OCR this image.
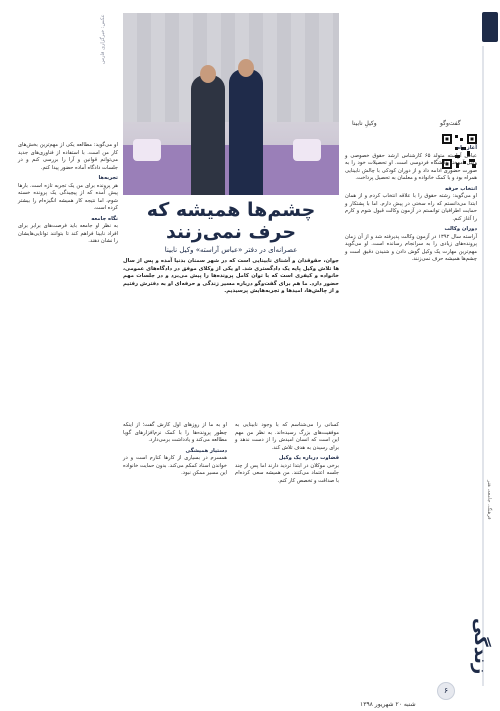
عکس: خبرگزاری فارس
چشم‌ها همیشه که
حرف نمی‌زنند
عصرانه‌ای در دفتر «عباس آراسته» وکیل نابینا
جوان، حقوقدان و آشنای نابینایی است که در شهر سمنان بدنیا آمده و پس از سال ها تلاش وکیل پایه یک دادگستری شد. او یکی از وکلای موفق در دادگاه‌های عمومی، خانواده و کیفری است که با توان کامل پرونده‌ها را پیش می‌برد و در جلسات مهم حضور دارد. ما هم برای گفت‌وگو درباره مسیر زندگی و حرفه‌ای او به دفترش رفتیم و از چالش‌ها، امیدها و تجربه‌هایش پرسیدیم.
وکیلِ نابینا	گفت‌وگو
آغاز راه
عباس آراسته متولد ۶۵ کارشناس ارشد حقوق خصوصی و وکیل آموخته دانشگاه فردوسی است. او تحصیلات خود را به صورت حضوری ادامه داد و از دوران کودکی با چالش نابینایی همراه بود و با کمک خانواده و معلمان به تحصیل پرداخت.
انتخاب حرفه
او می‌گوید: رشته حقوق را با علاقه انتخاب کردم و از همان ابتدا می‌دانستم که راه سختی در پیش دارم. اما با پشتکار و حمایت اطرافیان توانستم در آزمون وکالت قبول شوم و کارم را آغاز کنم.
دوران وکالت
آراسته سال ۱۳۹۲ در آزمون وکالت پذیرفته شد و از آن زمان پرونده‌های زیادی را به سرانجام رسانده است. او می‌گوید مهم‌ترین مهارت یک وکیل گوش دادن و شنیدن دقیق است و چشم‌ها همیشه حرف نمی‌زنند.
کسانی را می‌شناسم که با وجود نابینایی به موفقیت‌های بزرگ رسیده‌اند. به نظر من مهم این است که انسان امیدش را از دست ندهد و برای رسیدن به هدف تلاش کند.
قضاوت درباره یک وکیل
برخی موکلان در ابتدا تردید دارند اما پس از چند جلسه اعتماد می‌کنند. من همیشه سعی کرده‌ام با صداقت و تخصص کار کنم.
او به ما از روزهای اول کارش گفت؛ از اینکه چطور پرونده‌ها را با کمک نرم‌افزارهای گویا مطالعه می‌کند و یادداشت برمی‌دارد.
دستیار همیشگی
همسرم در بسیاری از کارها کنارم است و در خواندن اسناد کمکم می‌کند. بدون حمایت خانواده این مسیر ممکن نبود.
او می‌گوید: مطالعه یکی از مهم‌ترین بخش‌های کار من است. با استفاده از فناوری‌های جدید می‌توانم قوانین و آرا را بررسی کنم و در جلسات دادگاه آماده حضور پیدا کنم.
تجربه‌ها
هر پرونده برای من یک تجربه تازه است. بارها پیش آمده که از پیچیدگی یک پرونده خسته شوم، اما نتیجه کار همیشه انگیزه‌ام را بیشتر کرده است.
نگاه جامعه
به نظر او جامعه باید فرصت‌های برابر برای افراد نابینا فراهم کند تا بتوانند توانایی‌هایشان را نشان دهند.
فرهنگ، جامعه، هنر
زندگی
۶
شنبه ۲۰ شهریور ۱۳۹۸
